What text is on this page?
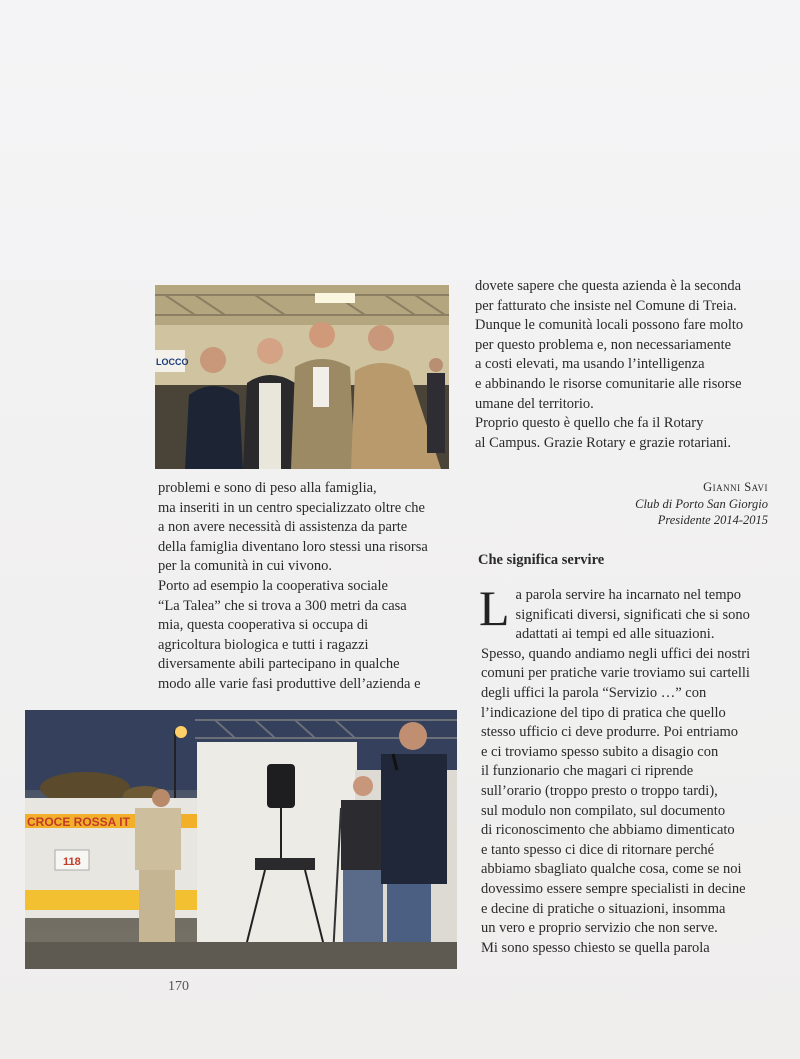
LOCCO

problemi e sono di peso alla famiglia,

ma inseriti in un centro specializzato oltre che

a non avere necessità di assistenza da parte

della famiglia diventano loro stessi una risorsa

per la comunità in cui vivono.

Porto ad esempio la cooperativa sociale

“La Talea” che si trova a 300 metri da casa

mia, questa cooperativa si occupa di

agricoltura biologica e tutti i ragazzi

diversamente abili partecipano in qualche

modo alle varie fasi produttive dell’azienda e

dovete sapere che questa azienda è la seconda

per fatturato che insiste nel Comune di Treia.

Dunque le comunità locali possono fare molto

per questo problema e, non necessariamente

a costi elevati, ma usando l’intelligenza

e abbinando le risorse comunitarie alle risorse

umane del territorio.

Proprio questo è quello che fa il Rotary

al Campus. Grazie Rotary e grazie rotariani.

Gianni Savi
Club di Porto San Giorgio
Presidente 2014-2015
Che significa servire

La parola servire ha incarnato nel tempo

significati diversi, significati che si sono

adattati ai tempi ed alle situazioni.

Spesso, quando andiamo negli uffici dei nostri

comuni per pratiche varie troviamo sui cartelli

degli uffici la parola “Servizio …” con

l’indicazione del tipo di pratica che quello

stesso ufficio ci deve produrre. Poi entriamo

e ci troviamo spesso subito a disagio con

il funzionario che magari ci riprende

sull’orario (troppo presto o troppo tardi),

sul modulo non compilato, sul documento

di riconoscimento che abbiamo dimenticato

e tanto spesso ci dice di ritornare perché

abbiamo sbagliato qualche cosa, come se noi

dovessimo essere sempre specialisti in decine

e decine di pratiche o situazioni, insomma

un vero e proprio servizio che non serve.

Mi sono spesso chiesto se quella parola

CROCE ROSSA IT
118
170
